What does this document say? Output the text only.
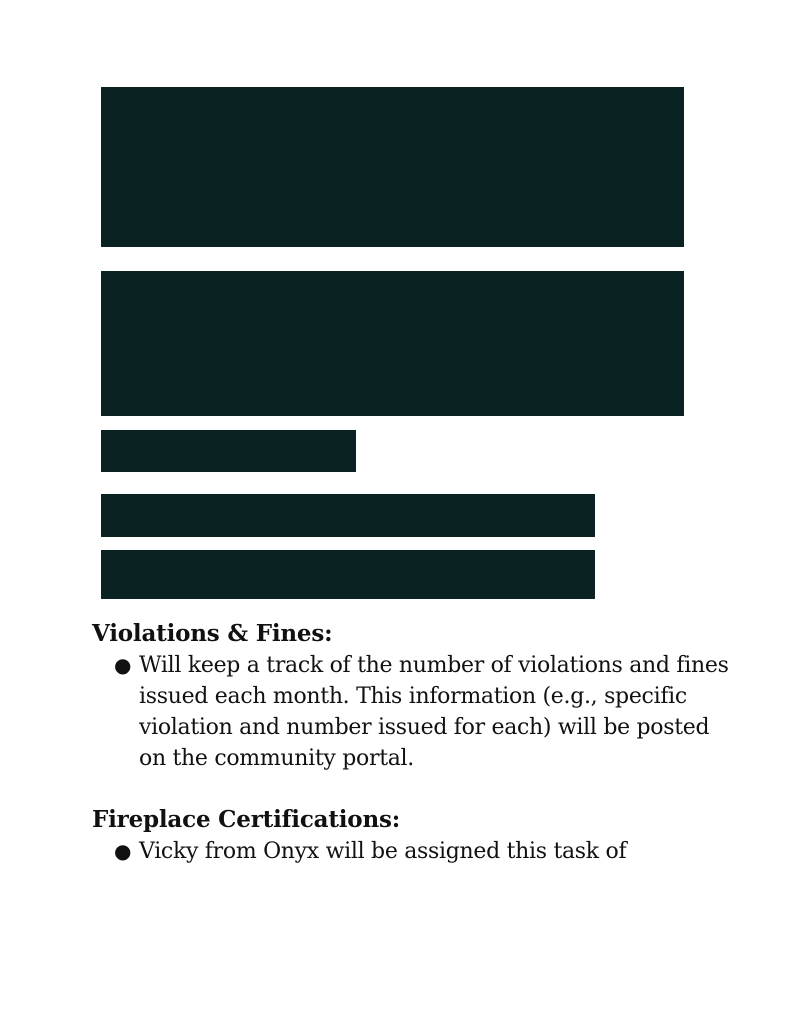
Violations & Fines:
● Will keep a track of the number of violations and fines issued each month. This information (e.g., specific violation and number issued for each) will be posted on the community portal.
Fireplace Certifications:
● Vicky from Onyx will be assigned this task of
